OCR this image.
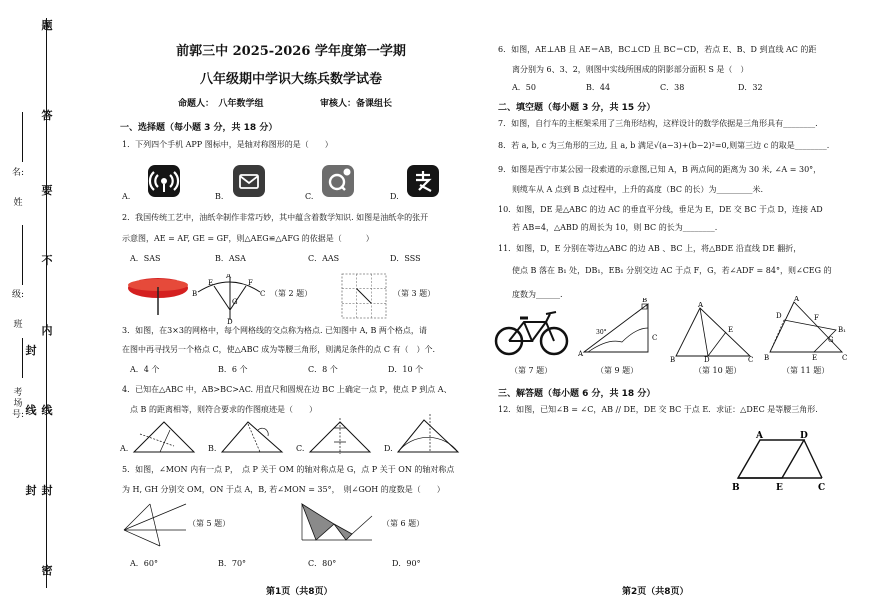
题
答
要
不
内
线
封
密
封
线
封
姓
名:
级:
班
考场号:
前郭三中 2025-2026 学年度第一学期
八年级期中学识大练兵数学试卷
命题人：　八年数学组	审核人：备课组长
一、选择题（每小题 3 分，共 18 分）
1．下列四个手机 APP 图标中，是轴对称图形的是（　　）
A.	B.	C.	D.
2．我国传统工艺中，油纸伞制作非常巧妙，其中蕴含着数学知识. 如图是油纸伞的张开
示意图，AE = AF, GE = GF，则△AEG≌△AFG 的依据是（　　　）
A．SAS	B．ASA	C．AAS	D．SSS
A
E
B
G
F
C
D
（第 2 题）	（第 3 题）
3．如图，在3×3的网格中，每个网格线的交点称为格点. 已知图中 A, B 两个格点，请
在图中再寻找另一个格点 C，使△ABC 成为等腰三角形，则满足条件的点 C 有（　）个.
A．4 个	B．6 个	C．8 个	D．10 个
4．已知在△ABC 中，AB>BC>AC. 用直尺和圆规在边 BC 上确定一点 P，使点 P 到点 A、
点 B 的距离相等，则符合要求的作图痕迹是（　　）
A.	B.	C.	D.
5．如图，∠MON 内有一点 P，　点 P 关于 OM 的轴对称点是 G，点 P 关于 ON 的轴对称点
为 H, GH 分别交 OM，ON 于点 A，B, 若∠MON = 35°，　则∠GOH 的度数是（　　）
（第 5 题）	（第 6 题）
A．60°	B．70°	C．80°	D．90°
第1页（共8页）
6．如图，AE⊥AB 且 AE＝AB，BC⊥CD 且 BC＝CD，若点 E、B、D 到直线 AC 的距
离分别为 6、3、2，则图中实线所围成的阴影部分面积 S 是（　）
A．50	B．44	C．38	D．32
二、填空题（每小题 3 分，共 15 分）
7．如图，自行车的主框架采用了三角形结构，这样设计的数学依据是三角形具有________.
8．若 a, b, c 为三角形的三边, 且 a, b 满足√(a−3)+(b−2)²=0,则第三边 c 的取是________.
9．如图是西宁市某公园一段索道的示意图,已知 A，B 两点间的距离为 30 米, ∠A = 30°，
则缆车从 A 点到 B 点过程中，上升的高度（BC 的长）为_________米.
10．如图，DE 是△ABC 的边 AC 的垂直平分线，垂足为 E，DE 交 BC 于点 D，连接 AD
若 AB=4，△ABD 的周长为 10，则 BC 的长为________.
11．如图，D，E 分别在等边△ABC 的边 AB 、BC 上，将△BDE 沿直线 DE 翻折，
使点 B 落在 B₁ 处，DB₁，EB₁ 分别交边 AC 于点 F，G，若∠ADF = 84°，则∠CEG 的
度数为______.
（第 7 题）
B
A
C
30°
（第 9 题）
A
E
B	D	C
（第 10 题）
A
D	F
B₁
G
E
B	C
（第 11 题）
三、解答题（每小题 6 分，共 18 分）
12．如图，已知∠B = ∠C，AB // DE，DE 交 BC 于点 E．求证：△DEC 是等腰三角形.
A	D
B	E	C
第2页（共8页）
